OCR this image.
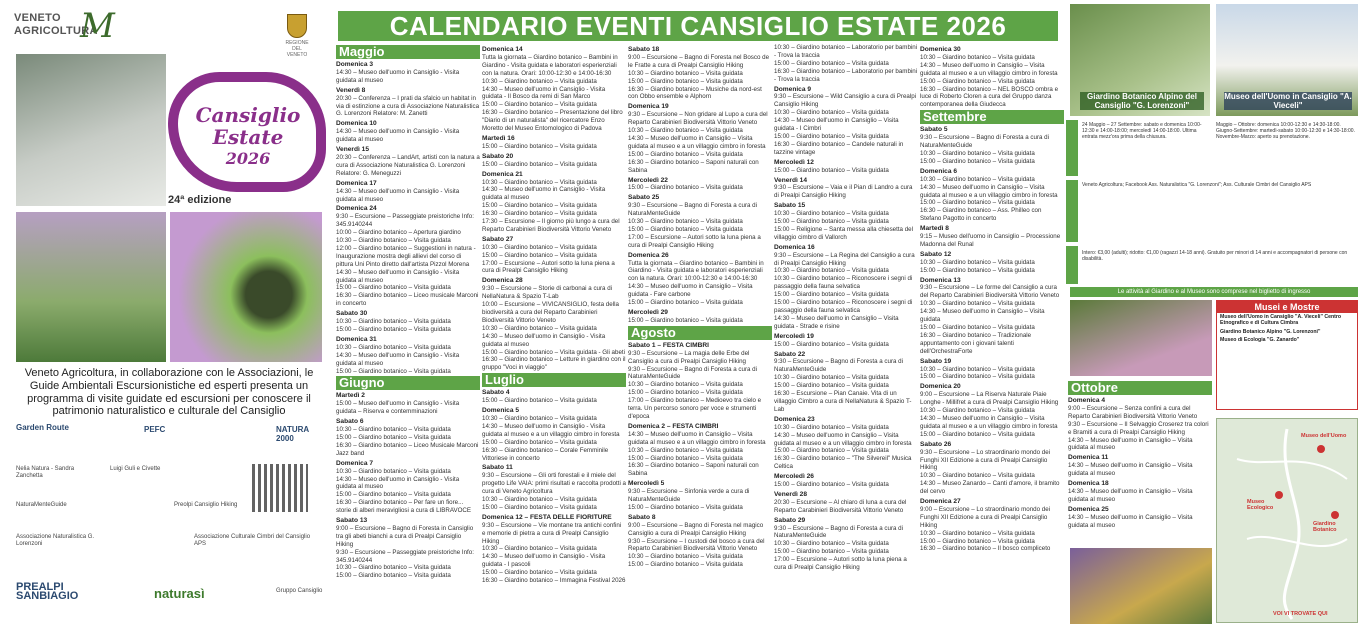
VENETO
AGRICOLTURA
M	REGIONE DEL VENETO
Cansiglio
Estate
2026
24ª edizione
Veneto Agricoltura, in collaborazione con le Associazioni, le Guide Ambientali Escursionistiche ed esperti presenta un programma di visite guidate ed escursioni per conoscere il patrimonio naturalistico e culturale del Cansiglio
Garden Route	PEFC	NATURA 2000
Nelia Natura - Sandra Zanchetta
Luigi Guli e Civette
NaturaMenteGuide	Preolpi Cansiglio Hiking
Associazione Naturalistica G. Lorenzoni
Associazione Culturale Cimbri del Cansiglio APS
PREALPI SANBIAGIO	naturasì	Gruppo Cansiglio
CALENDARIO EVENTI CANSIGLIO ESTATE 2026
Maggio
Domenica 3
14:30 – Museo dell'uomo in Cansiglio - Visita guidata al museo
Venerdì 8
20:30 – Conferenza – I prati da sfalcio un habitat in via di estinzione a cura di Associazione Naturalistica G. Lorenzoni Relatore: M. Zanetti
Domenica 10
14:30 – Museo dell'uomo in Cansiglio - Visita guidata al museo
Venerdì 15
20:30 – Conferenza – LandArt, artisti con la natura a cura di Associazione Naturalistica G. Lorenzoni Relatore: G. Meneguzzi
Domenica 17
14:30 – Museo dell'uomo in Cansiglio - Visita guidata al museo
Domenica 24
9:30 – Escursione – Passeggiate preistoriche Info: 345.9140244
10:00 – Giardino botanico – Apertura giardino
10:30 – Giardino botanico – Visita guidata
12:00 – Giardino botanico – Suggestioni in natura - Inaugurazione mostra degli allievi del corso di pittura Uni Pinto diretto dall'artista Pizzol Morena
14:30 – Museo dell'uomo in Cansiglio - Visita guidata al museo
15:00 – Giardino botanico – Visita guidata
16:30 – Giardino botanico – Liceo musicale Marconi in concerto
Sabato 30
10:30 – Giardino botanico – Visita guidata
15:00 – Giardino botanico – Visita guidata
Domenica 31
10:30 – Giardino botanico – Visita guidata
14:30 – Museo dell'uomo in Cansiglio - Visita guidata al museo
15:00 – Giardino botanico – Visita guidata
Giugno
Martedì 2
15:00 – Museo dell'uomo in Cansiglio - Visita guidata – Riserva e contemminazioni
Sabato 6
10:30 – Giardino botanico – Visita guidata
15:00 – Giardino botanico – Visita guidata
16:30 – Giardino botanico – Liceo Musicale Marconi Jazz band
Domenica 7
10:30 – Giardino botanico – Visita guidata
14:30 – Museo dell'uomo in Cansiglio - Visita guidata al museo
15:00 – Giardino botanico – Visita guidata
16:30 – Giardino botanico – Per fare un fiore... storie di alberi meravigliosi a cura di LIBRAVOCE
Sabato 13
9:00 – Escursione – Bagno di Foresta in Cansiglio tra gli abeti bianchi a cura di Prealpi Cansiglio Hiking
9:30 – Escursione – Passeggiate preistoriche Info: 345.9140244
10:30 – Giardino botanico – Visita guidata
15:00 – Giardino botanico – Visita guidata
Domenica 14
Tutta la giornata – Giardino botanico – Bambini in Giardino - Visita guidata e laboratori esperienziali con la natura. Orari: 10:00-12:30 e 14:00-16:30
10:30 – Giardino botanico – Visita guidata
14:30 – Museo dell'uomo in Cansiglio - Visita guidata - Il Bosco da remi di San Marco
15:00 – Giardino botanico – Visita guidata
16:30 – Giardino botanico – Presentazione del libro "Diario di un naturalista" del ricercatore Enzo Moretto del Museo Entomologico di Padova
Martedì 16
15:00 – Giardino botanico – Visita guidata
Sabato 20
15:00 – Giardino botanico – Visita guidata
Domenica 21
10:30 – Giardino botanico – Visita guidata
14:30 – Museo dell'uomo in Cansiglio - Visita guidata al museo
15:00 – Giardino botanico – Visita guidata
16:30 – Giardino botanico – Visita guidata
17:30 – Escursione – Il giorno più lungo a cura del Reparto Carabinieri Biodiversità Vittorio Veneto
Sabato 27
10:30 – Giardino botanico – Visita guidata
15:00 – Giardino botanico – Visita guidata
17:00 – Escursione – Autori sotto la luna piena a cura di Prealpi Cansiglio Hiking
Domenica 28
9:30 – Escursione – Storie di carbonai a cura di NellaNatura & Spazio T-Lab
10:00 – Escursione – VIVICANSIGLIO, festa della biodiversità a cura del Reparto Carabinieri Biodiversità Vittorio Veneto
10:30 – Giardino botanico – Visita guidata
14:30 – Museo dell'uomo in Cansiglio - Visita guidata al museo
15:00 – Giardino botanico – Visita guidata - Gli abeti
16:30 – Giardino botanico – Letture in giardino con il gruppo "Voci in viaggio"
Luglio
Sabato 4
15:00 – Giardino botanico – Visita guidata
Domenica 5
10:30 – Giardino botanico – Visita guidata
14:30 – Museo dell'uomo in Cansiglio - Visita guidata al museo e a un villaggio cimbro in foresta
15:00 – Giardino botanico – Visita guidata
16:30 – Giardino botanico – Corale Femminile Vittoriese in concerto
Sabato 11
9:30 – Escursione – Gli orti forestali e il miele del progetto Life VAIA: primi risultati e raccolta prodotti a cura di Veneto Agricoltura
10:30 – Giardino botanico – Visita guidata
15:00 – Giardino botanico – Visita guidata
Domenica 12 – FESTA DELLE FIORITURE
9:30 – Escursione – Vie montane tra antichi confini e memorie di pietra a cura di Prealpi Cansiglio Hiking
10:30 – Giardino botanico – Visita guidata
14:30 – Museo dell'uomo in Cansiglio - Visita guidata - I pascoli
15:00 – Giardino botanico – Visita guidata
16:30 – Giardino botanico – Immagina Festival 2026
Sabato 18
9:00 – Escursione – Bagno di Foresta nel Bosco de le Fratte a cura di Prealpi Cansiglio Hiking
10:30 – Giardino botanico – Visita guidata
15:00 – Giardino botanico – Visita guidata
16:30 – Giardino botanico – Musiche da nord-est con Obbo ensemble e Alphorn
Domenica 19
9:30 – Escursione – Non gridare al Lupo a cura del Reparto Carabinieri Biodiversità Vittorio Veneto
10:30 – Giardino botanico – Visita guidata
14:30 – Museo dell'uomo in Cansiglio – Visita guidata al museo e a un villaggio cimbro in foresta
15:00 – Giardino botanico – Visita guidata
16:30 – Giardino botanico – Saponi naturali con Sabina
Mercoledì 22
15:00 – Giardino botanico – Visita guidata
Sabato 25
9:30 – Escursione – Bagno di Foresta a cura di NaturaMenteGuide
10:30 – Giardino botanico – Visita guidata
15:00 – Giardino botanico – Visita guidata
17:00 – Escursione – Autori sotto la luna piena a cura di Prealpi Cansiglio Hiking
Domenica 26
Tutta la giornata – Giardino botanico – Bambini in Giardino - Visita guidata e laboratori esperienziali con la natura. Orari: 10:00-12:30 e 14:00-16:30
14:30 – Museo dell'uomo in Cansiglio – Visita guidata - Fare carbone
15:00 – Giardino botanico – Visita guidata
Mercoledì 29
15:00 – Giardino botanico – Visita guidata
Agosto
Sabato 1 – FESTA CIMBRI
9:30 – Escursione – La magia delle Erbe del Cansiglio a cura di Prealpi Cansiglio Hiking
9:30 – Escursione – Bagno di Foresta a cura di NaturaMenteGuide
10:30 – Giardino botanico – Visita guidata
15:00 – Giardino botanico – Visita guidata
17:00 – Giardino botanico – Medioevo tra cielo e terra. Un percorso sonoro per voce e strumenti d'epoca
Domenica 2 – FESTA CIMBRI
14:30 – Museo dell'uomo in Cansiglio – Visita guidata al museo e a un villaggio cimbro in foresta
10:30 – Giardino botanico – Visita guidata
15:00 – Giardino botanico – Visita guidata
16:30 – Giardino botanico – Saponi naturali con Sabina
Mercoledì 5
9:30 – Escursione – Sinfonia verde a cura di NaturaMenteGuide
15:00 – Giardino botanico – Visita guidata
Sabato 8
9:00 – Escursione – Bagno di Foresta nel magico Cansiglio a cura di Prealpi Cansiglio Hiking
9:30 – Escursione – I custodi del bosco a cura del Reparto Carabinieri Biodiversità Vittorio Veneto
10:30 – Giardino botanico – Visita guidata
15:00 – Giardino botanico – Visita guidata
10:30 – Giardino botanico – Laboratorio per bambini - Trova la traccia
15:00 – Giardino botanico – Visita guidata
16:30 – Giardino botanico – Laboratorio per bambini - Trova la traccia
Domenica 9
9:30 – Escursione – Wild Cansiglio a cura di Prealpi Cansiglio Hiking
10:30 – Giardino botanico – Visita guidata
14:30 – Museo dell'uomo in Cansiglio – Visita guidata - I Cimbri
15:00 – Giardino botanico – Visita guidata
16:30 – Giardino botanico – Candele naturali in tazzine vintage
Mercoledì 12
15:00 – Giardino botanico – Visita guidata
Venerdì 14
9:30 – Escursione – Vaia e il Pian di Landro a cura di Prealpi Cansiglio Hiking
Sabato 15
10:30 – Giardino botanico – Visita guidata
15:00 – Giardino botanico – Visita guidata
15:00 – Religione – Santa messa alla chiesetta del villaggio cimbro di Vallorch
Domenica 16
9:30 – Escursione – La Regina del Cansiglio a cura di Prealpi Cansiglio Hiking
10:30 – Giardino botanico – Visita guidata
10:30 – Giardino botanico – Riconoscere i segni di passaggio della fauna selvatica
15:00 – Giardino botanico – Visita guidata
15:00 – Giardino botanico – Riconoscere i segni di passaggio della fauna selvatica
14:30 – Museo dell'uomo in Cansiglio – Visita guidata - Strade e risine
Mercoledì 19
15:00 – Giardino botanico – Visita guidata
Sabato 22
9:30 – Escursione – Bagno di Foresta a cura di NaturaMenteGuide
10:30 – Giardino botanico – Visita guidata
15:00 – Giardino botanico – Visita guidata
16:30 – Escursione – Pian Canaie. Vita di un villaggio Cimbro a cura di NellaNatura & Spazio T-Lab
Domenica 23
10:30 – Giardino botanico – Visita guidata
14:30 – Museo dell'uomo in Cansiglio – Visita guidata al museo e a un villaggio cimbro in foresta
15:00 – Giardino botanico – Visita guidata
16:30 – Giardino botanico – "The Silvereil" Musica Celtica
Mercoledì 26
15:00 – Giardino botanico – Visita guidata
Venerdì 28
20:30 – Escursione – Al chiaro di luna a cura del Reparto Carabinieri Biodiversità Vittorio Veneto
Sabato 29
9:30 – Escursione – Bagno di Foresta a cura di NaturaMenteGuide
10:30 – Giardino botanico – Visita guidata
15:00 – Giardino botanico – Visita guidata
17:00 – Escursione – Autori sotto la luna piena a cura di Prealpi Cansiglio Hiking
Domenica 30
10:30 – Giardino botanico – Visita guidata
14:30 – Museo dell'uomo in Cansiglio – Visita guidata al museo e a un villaggio cimbro in foresta
15:00 – Giardino botanico – Visita guidata
16:30 – Giardino botanico – NEL BOSCO ombra e luce di Roberto Cloren a cura del Gruppo danza contemporanea della Giudecca
Settembre
Sabato 5
9:30 – Escursione – Bagno di Foresta a cura di NaturaMenteGuide
10:30 – Giardino botanico – Visita guidata
15:00 – Giardino botanico – Visita guidata
Domenica 6
10:30 – Giardino botanico – Visita guidata
14:30 – Museo dell'uomo in Cansiglio – Visita guidata al museo e a un villaggio cimbro in foresta
15:00 – Giardino botanico – Visita guidata
16:30 – Giardino botanico – Ass. Philleo con Stefano Pagotto in concerto
Martedì 8
9:15 – Museo dell'uomo in Cansiglio – Processione Madonna del Runal
Sabato 12
10:30 – Giardino botanico – Visita guidata
15:00 – Giardino botanico – Visita guidata
Domenica 13
9:30 – Escursione – Le forme del Cansiglio a cura del Reparto Carabinieri Biodiversità Vittorio Veneto
10:30 – Giardino botanico – Visita guidata
14:30 – Museo dell'uomo in Cansiglio – Visita guidata
15:00 – Giardino botanico – Visita guidata
16:30 – Giardino botanico – Tradizionale appuntamento con i giovani talenti dell'OrchestraForte
Sabato 19
10:30 – Giardino botanico – Visita guidata
15:00 – Giardino botanico – Visita guidata
Domenica 20
9:00 – Escursione – La Riserva Naturale Piaie Longhe - Millifret a cura di Prealpi Cansiglio Hiking
10:30 – Giardino botanico – Visita guidata
14:30 – Museo dell'uomo in Cansiglio – Visita guidata al museo e a un villaggio cimbro in foresta
15:00 – Giardino botanico – Visita guidata
Sabato 26
9:30 – Escursione – Lo straordinario mondo dei Funghi XII Edizione a cura di Prealpi Cansiglio Hiking
10:30 – Giardino botanico – Visita guidata
14:30 – Museo Zanardo – Canti d'amore, il bramito del cervo
Domenica 27
9:00 – Escursione – Lo straordinario mondo dei Funghi XII Edizione a cura di Prealpi Cansiglio Hiking
10:30 – Giardino botanico – Visita guidata
15:00 – Giardino botanico – Visita guidata
16:30 – Giardino botanico – Il bosco compliceto
Giardino Botanico Alpino del Cansiglio "G. Lorenzoni"
Museo dell'Uomo in Cansiglio "A. Vieceli"
24 Maggio – 27 Settembre: sabato e domenica 10:00-12:30 e 14:00-18:00; mercoledì 14:00-18:00. Ultima entrata mezz'ora prima della chiusura.
Maggio – Ottobre: domenica 10:00-12:30 e 14:30-18:00. Giugno-Settembre: martedì-sabato 10:00-12:30 e 14:30-18:00. Novembre-Marzo: aperto su prenotazione.
Veneto Agricoltura; Facebook Ass. Naturalistica "G. Lorenzoni"; Ass. Culturale Cimbri del Cansiglio APS
Intero: €3,00 (adulti); ridotto: €1,00 (ragazzi 14-18 anni). Gratuito per minori di 14 anni e accompagnatori di persone con disabilità.
Le attività al Giardino e al Museo sono comprese nel biglietto di ingresso
Musei e Mostre

Museo dell'Uomo in Cansiglio "A. Vieceli" Centro Etnografico e di Cultura Cimbra

Giardino Botanico Alpino "G. Lorenzoni"

Museo di Ecologia "G. Zanardo"

Ottobre
Domenica 4
9:00 – Escursione – Senza confini a cura del Reparto Carabinieri Biodiversità Vittorio Veneto
9:30 – Escursione – Il Selvaggio Croserez tra colori e Bramiti a cura di Prealpi Cansiglio Hiking
14:30 – Museo dell'uomo in Cansiglio – Visita guidata al museo
Domenica 11
14:30 – Museo dell'uomo in Cansiglio – Visita guidata al museo
Domenica 18
14:30 – Museo dell'uomo in Cansiglio – Visita guidata al museo
Domenica 25
14:30 – Museo dell'uomo in Cansiglio – Visita guidata al museo
Museo dell'Uomo
Museo Ecologico
Giardino Botanico
VOI VI TROVATE QUI
